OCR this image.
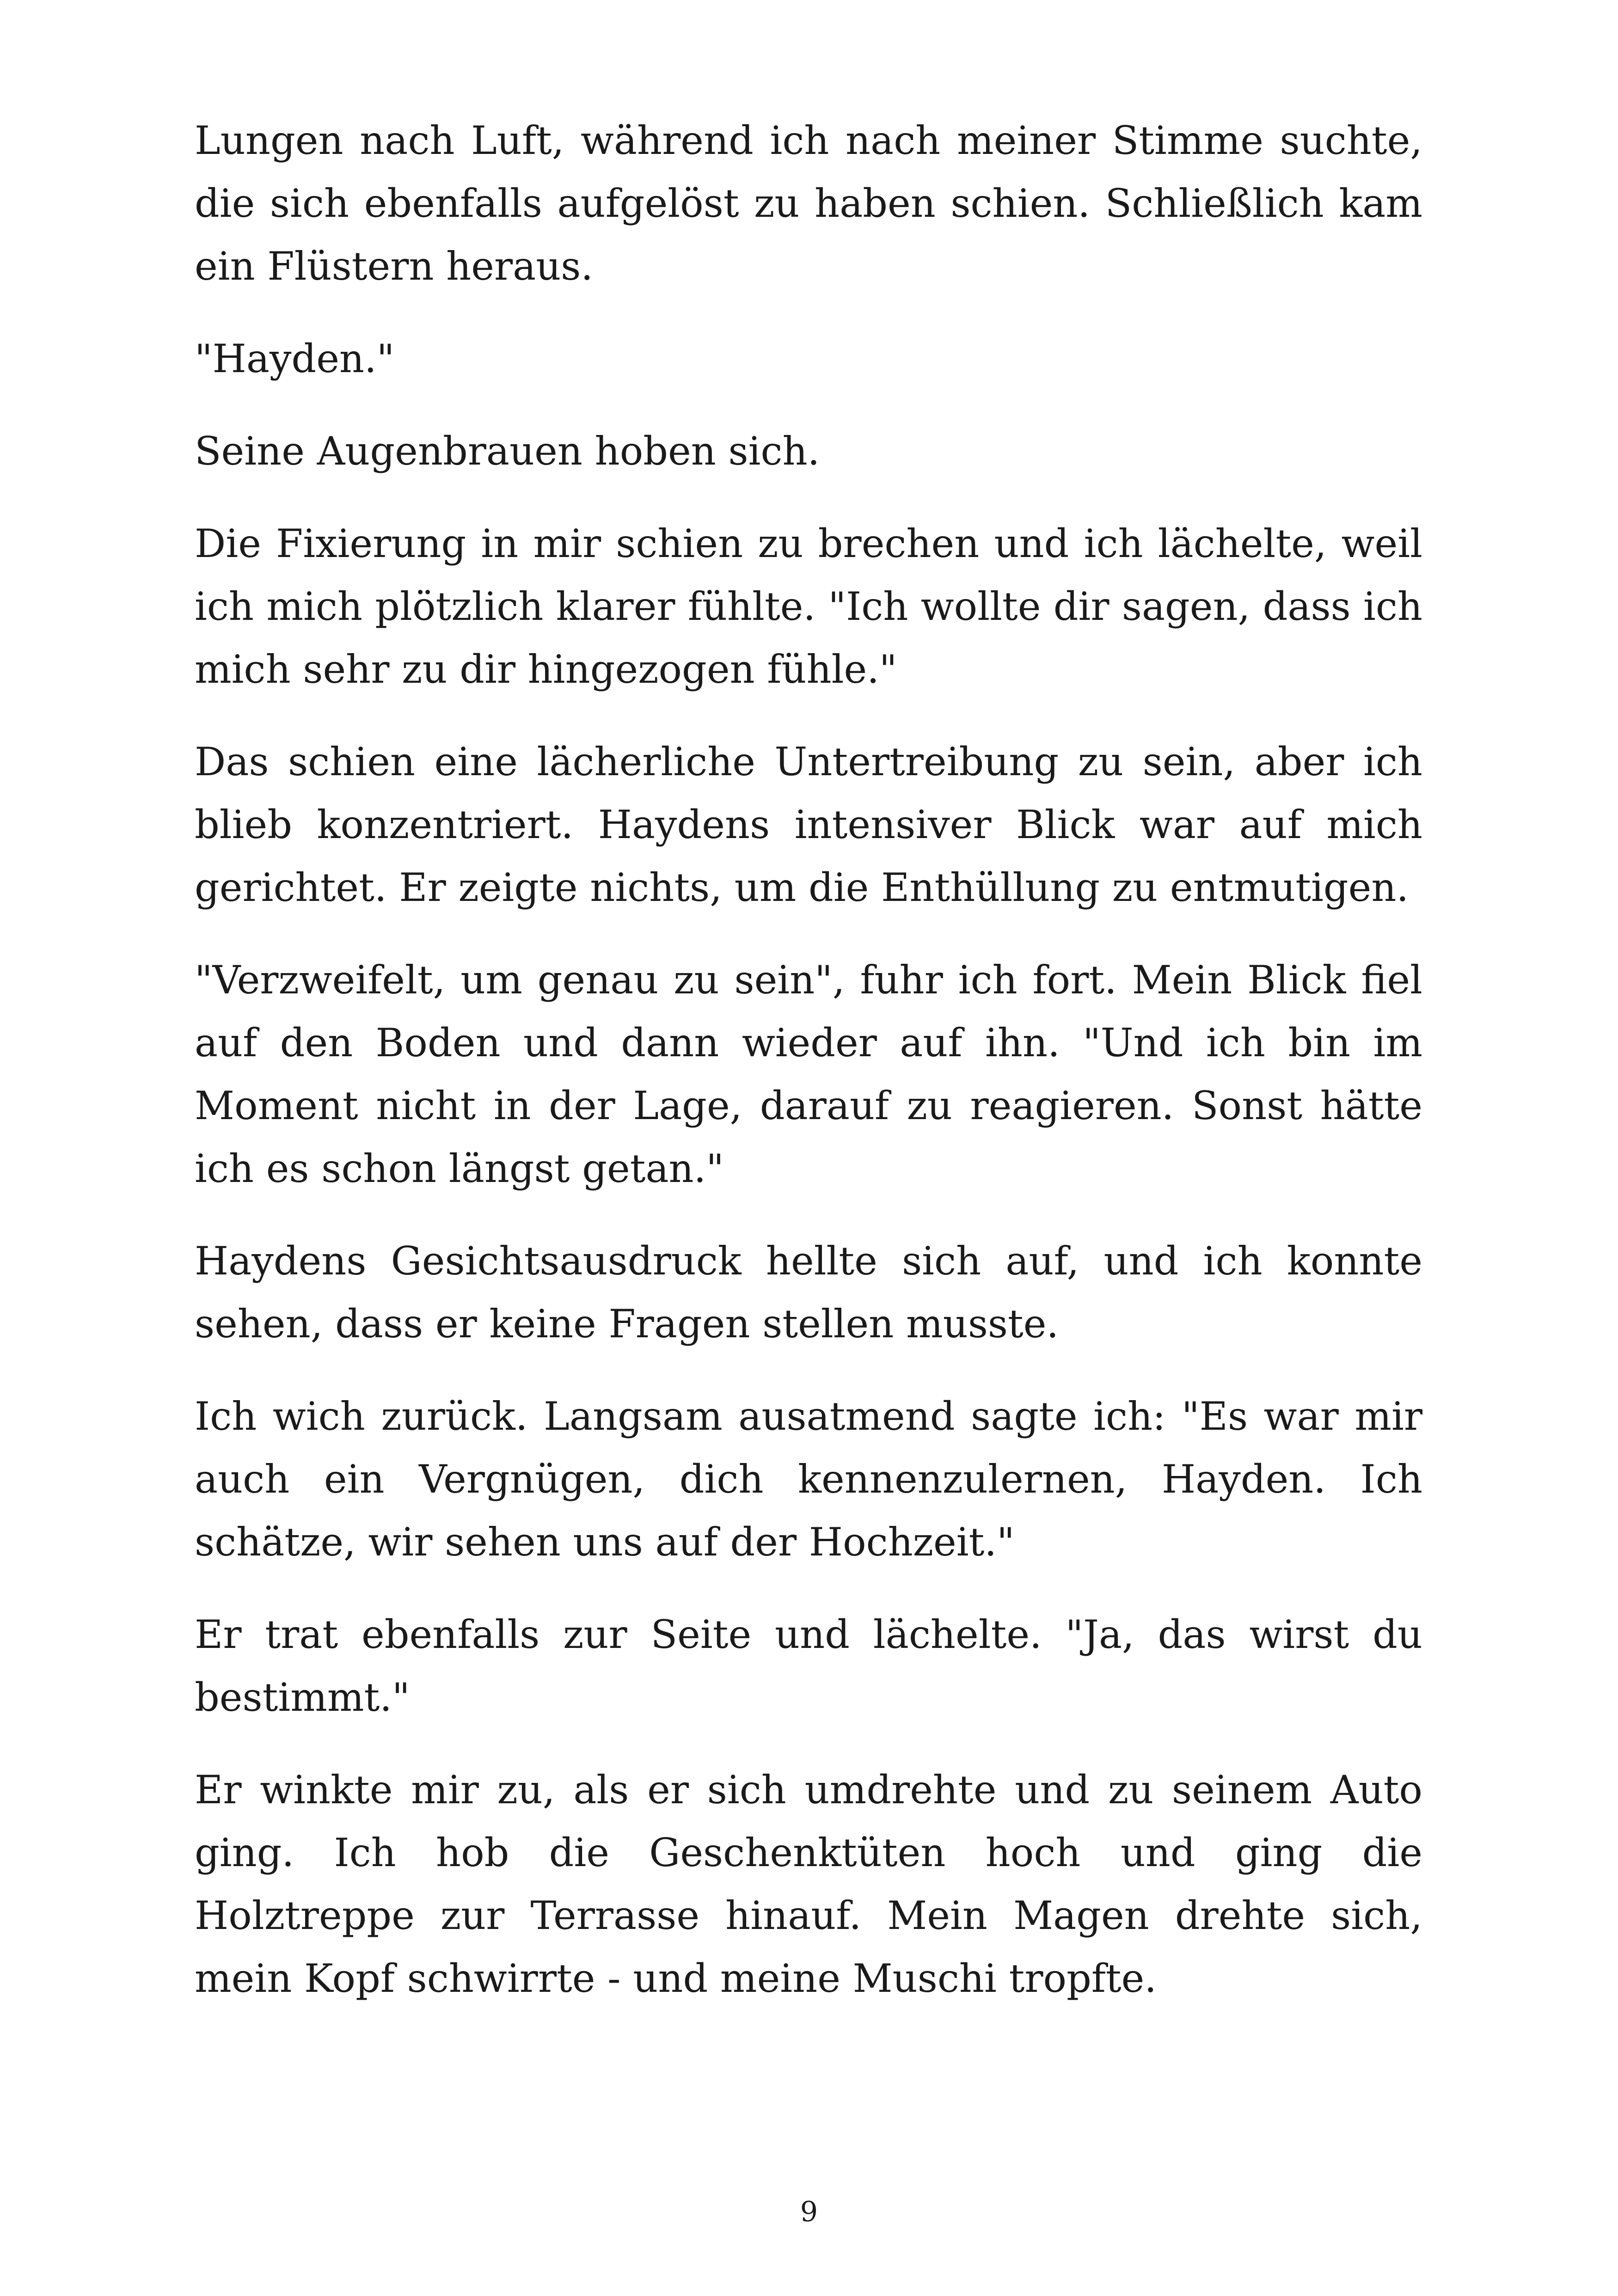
Lungen nach Luft, während ich nach meiner Stimme suchte, die sich ebenfalls aufgelöst zu haben schien. Schließlich kam ein Flüstern heraus.

"Hayden."

Seine Augenbrauen hoben sich.

Die Fixierung in mir schien zu brechen und ich lächelte, weil ich mich plötzlich klarer fühlte. "Ich wollte dir sagen, dass ich mich sehr zu dir hingezogen fühle."

Das schien eine lächerliche Untertreibung zu sein, aber ich blieb konzentriert. Haydens intensiver Blick war auf mich gerichtet. Er zeigte nichts, um die Enthüllung zu entmutigen.

"Verzweifelt, um genau zu sein", fuhr ich fort. Mein Blick fiel auf den Boden und dann wieder auf ihn. "Und ich bin im Moment nicht in der Lage, darauf zu reagieren. Sonst hätte ich es schon längst getan."

Haydens Gesichtsausdruck hellte sich auf, und ich konnte sehen, dass er keine Fragen stellen musste.

Ich wich zurück. Langsam ausatmend sagte ich: "Es war mir auch ein Vergnügen, dich kennenzulernen, Hayden. Ich schätze, wir sehen uns auf der Hochzeit."

Er trat ebenfalls zur Seite und lächelte. "Ja, das wirst du bestimmt."

Er winkte mir zu, als er sich umdrehte und zu seinem Auto ging. Ich hob die Geschenktüten hoch und ging die Holztreppe zur Terrasse hinauf. Mein Magen drehte sich, mein Kopf schwirrte - und meine Muschi tropfte.

9
